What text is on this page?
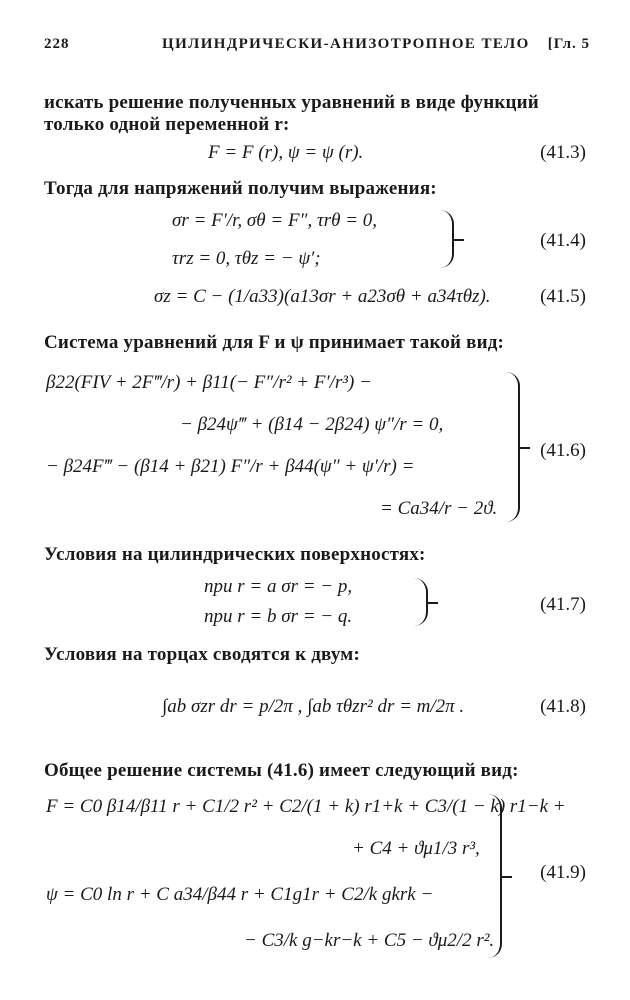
228	ЦИЛИНДРИЧЕСКИ-АНИЗОТРОПНОЕ ТЕЛО [Гл. 5
искать решение полученных уравнений в виде функций
только одной переменной r:
F = F (r), ψ = ψ (r).	(41.3)
Тогда для напряжений получим выражения:
σr = F′/r, σθ = F″, τrθ = 0,
τrz = 0, τθz = − ψ′;
(41.4)
σz = C − (1/a33)(a13σr + a23σθ + a34τθz).	(41.5)
Система уравнений для F и ψ принимает такой вид:
β22(FIV + 2F‴/r) + β11(− F″/r² + F′/r³) −
− β24ψ‴ + (β14 − 2β24) ψ″/r = 0,
− β24F‴ − (β14 + β21) F″/r + β44(ψ″ + ψ′/r) =
= Ca34/r − 2ϑ.
(41.6)
Условия на цилиндрических поверхностях:
при r = a σr = − p,
при r = b σr = − q.
(41.7)
Условия на торцах сводятся к двум:
∫ab σzr dr = p/2π , ∫ab τθzr² dr = m/2π .	(41.8)
Общее решение системы (41.6) имеет следующий вид:
F = C0 β14/β11 r + C1/2 r² + C2/(1 + k) r1+k + C3/(1 − k) r1−k +
+ C4 + ϑμ1/3 r³,
ψ = C0 ln r + C a34/β44 r + C1g1r + C2/k gkrk −
− C3/k g−kr−k + C5 − ϑμ2/2 r².
(41.9)
